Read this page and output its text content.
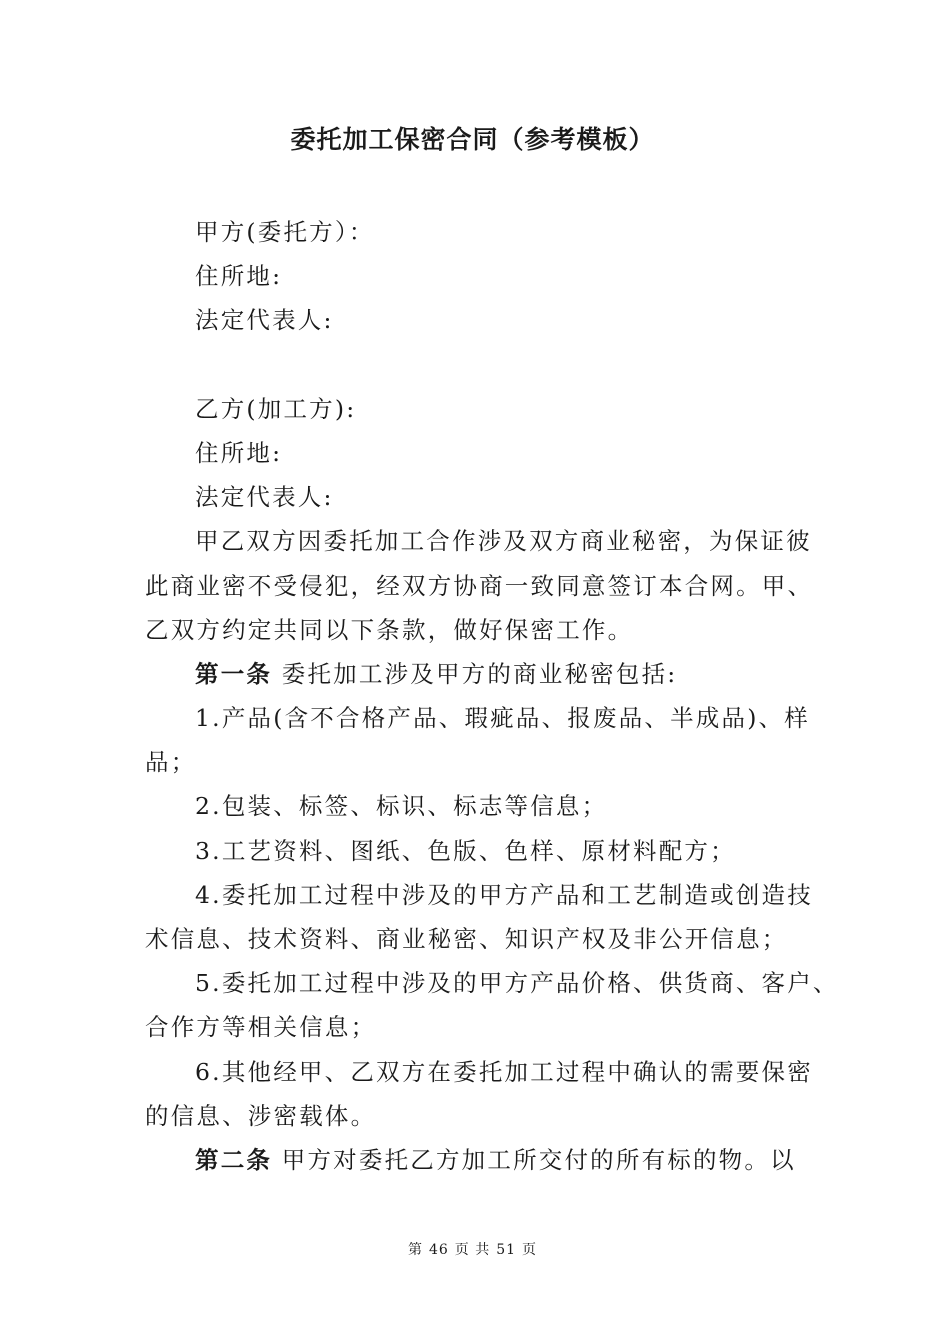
委托加工保密合同（参考模板）
甲方(委托方）：
住所地:
法定代表人:
乙方(加工方):
住所地:
法定代表人:
甲乙双方因委托加工合作涉及双方商业秘密，为保证彼
此商业密不受侵犯，经双方协商一致同意签订本合网。甲、
乙双方约定共同以下条款，做好保密工作。
第一条 委托加工涉及甲方的商业秘密包括:
1.产品(含不合格产品、瑕疵品、报废品、半成品)、样
品；
2.包装、标签、标识、标志等信息；
3.工艺资料、图纸、色版、色样、原材料配方；
4.委托加工过程中涉及的甲方产品和工艺制造或创造技
术信息、技术资料、商业秘密、知识产权及非公开信息；
5.委托加工过程中涉及的甲方产品价格、供货商、客户、
合作方等相关信息；
6.其他经甲、乙双方在委托加工过程中确认的需要保密
的信息、涉密载体。
第二条 甲方对委托乙方加工所交付的所有标的物。以
第 46 页 共 51 页
